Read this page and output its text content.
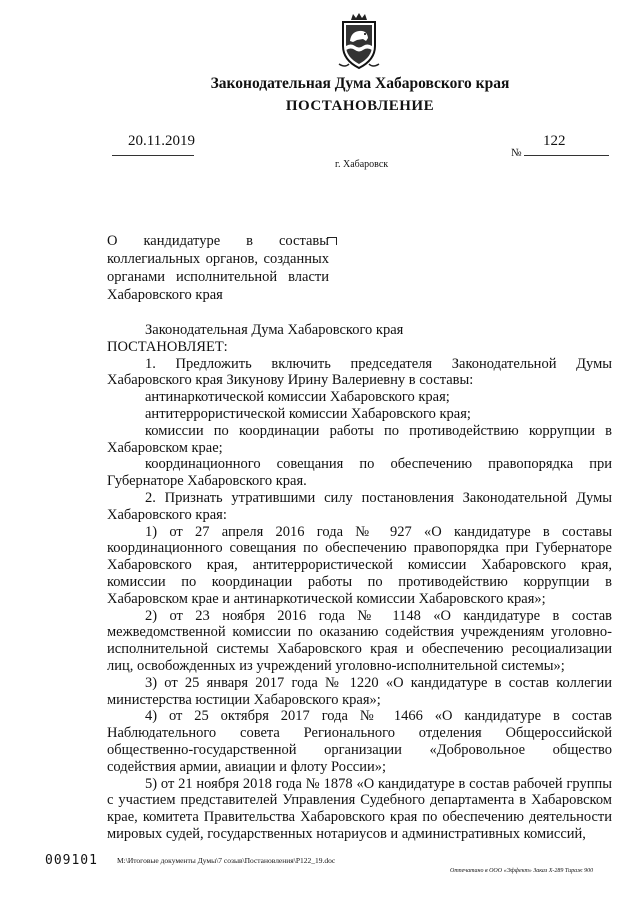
Законодательная Дума Хабаровского края
ПОСТАНОВЛЕНИЕ
20.11.2019
№
122
г. Хабаровск
О кандидатуре в составы коллегиальных органов, созданных органами исполнительной власти Хабаровского края

Законодательная Дума Хабаровского края

ПОСТАНОВЛЯЕТ:

1. Предложить включить председателя Законодательной Думы Хабаровского края Зикунову Ирину Валериевну в составы:

антинаркотической комиссии Хабаровского края;

антитеррористической комиссии Хабаровского края;

комиссии по координации работы по противодействию коррупции в Хабаровском крае;

координационного совещания по обеспечению правопорядка при Губернаторе Хабаровского края.

2. Признать утратившими силу постановления Законодательной Думы Хабаровского края:

1) от 27 апреля 2016 года № 927 «О кандидатуре в составы координационного совещания по обеспечению правопорядка при Губернаторе Хабаровского края, антитеррористической комиссии Хабаровского края, комиссии по координации работы по противодействию коррупции в Хабаровском крае и антинаркотической комиссии Хабаровского края»;

2) от 23 ноября 2016 года № 1148 «О кандидатуре в состав межведомственной комиссии по оказанию содействия учреждениям уголовно-исполнительной системы Хабаровского края и обеспечению ресоциализации лиц, освобожденных из учреждений уголовно-исполнительной системы»;

3) от 25 января 2017 года № 1220 «О кандидатуре в состав коллегии министерства юстиции Хабаровского края»;

4) от 25 октября 2017 года № 1466 «О кандидатуре в состав Наблюдательного совета Регионального отделения Общероссийской общественно-государственной организации «Добровольное общество содействия армии, авиации и флоту России»;

5) от 21 ноября 2018 года № 1878 «О кандидатуре в состав рабочей группы с участием представителей Управления Судебного департамента в Хабаровском крае, комитета Правительства Хабаровского края по обеспечению деятельности мировых судей, государственных нотариусов и административных комиссий,

009101	M:\Итоговые документы Думы\7 созыв\Постановления\P122_19.doc
Отпечатано в ООО «Эффект» Заказ Х-289 Тираж 900
